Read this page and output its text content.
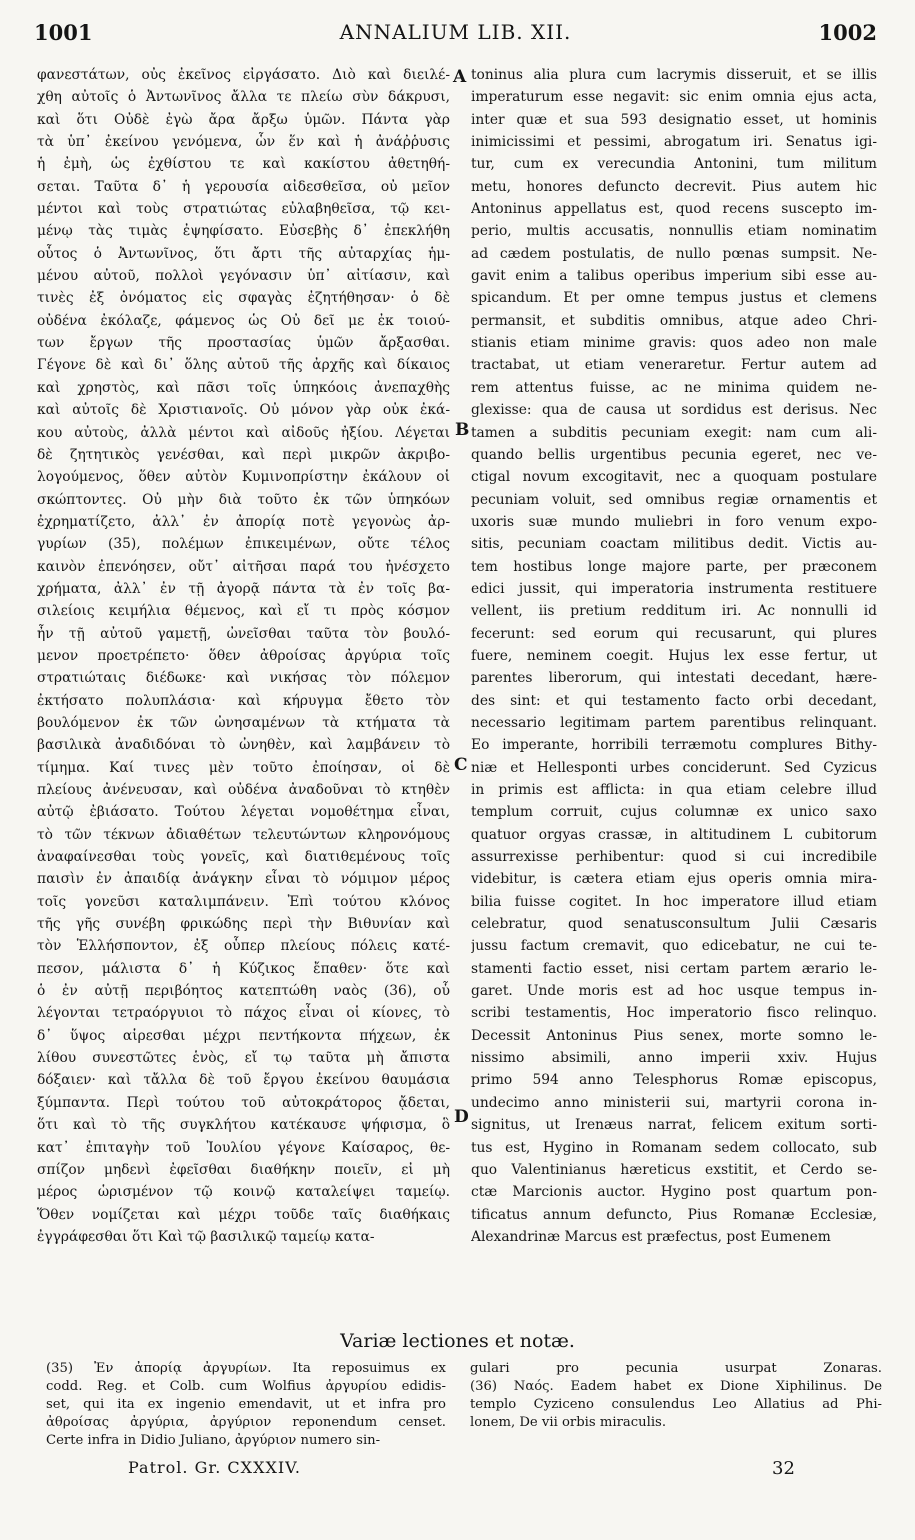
1001	ANNALIUM LIB. XII.	1002
φανεστάτων, οὐς ἐκεῖνος εἰργάσατο. Διὸ καὶ διειλέ-
χθη αὐτοῖς ὁ Ἀντωνῖνος ἄλλα τε πλείω σὺν δάκρυσι,
καὶ ὅτι Οὐδὲ ἐγὼ ἄρα ἄρξω ὑμῶν. Πάντα γὰρ
τὰ ὑπ᾽ ἐκείνου γενόμενα, ὧν ἕν καὶ ἡ ἀνάῤῥυσις
ἡ ἐμὴ, ὡς ἐχθίστου τε καὶ κακίστου ἀθετηθή-
σεται. Ταῦτα δ᾽ ἡ γερουσία αἰδεσθεῖσα, οὐ μεῖον
μέντοι καὶ τοὺς στρατιώτας εὐλαβηθεῖσα, τῷ κει-
μένῳ τὰς τιμὰς ἐψηφίσατο. Εὐσεβὴς δ᾽ ἐπεκλήθη
οὗτος ὁ Ἀντωνῖνος, ὅτι ἄρτι τῆς αὐταρχίας ἡμ-
μένου αὐτοῦ, πολλοὶ γεγόνασιν ὑπ᾽ αἰτίασιν, καὶ
τινὲς ἐξ ὀνόματος εἰς σφαγὰς ἐζητήθησαν· ὁ δὲ
οὐδένα ἐκόλαζε, φάμενος ὡς Οὐ δεῖ με ἐκ τοιού-
των ἔργων τῆς προστασίας ὑμῶν ἄρξασθαι.
Γέγονε δὲ καὶ δι᾽ ὅλης αὐτοῦ τῆς ἀρχῆς καὶ δίκαιος
καὶ χρηστὸς, καὶ πᾶσι τοῖς ὑπηκόοις ἀνεπαχθὴς
καὶ αὐτοῖς δὲ Χριστιανοῖς. Οὐ μόνον γὰρ οὐκ ἐκά-
κου αὐτοὺς, ἀλλὰ μέντοι καὶ αἰδοῦς ἠξίου. Λέγεται
δὲ ζητητικὸς γενέσθαι, καὶ περὶ μικρῶν ἀκριβο-
λογούμενος, ὅθεν αὐτὸν Κυμινοπρίστην ἐκάλουν οἱ
σκώπτοντες. Οὐ μὴν διὰ τοῦτο ἐκ τῶν ὑπηκόων
ἐχρηματίζετο, ἀλλ᾽ ἐν ἀπορίᾳ ποτὲ γεγονὼς ἀρ-
γυρίων (35), πολέμων ἐπικειμένων, οὔτε τέλος
καινὸν ἐπενόησεν, οὔτ᾽ αἰτῆσαι παρά του ἠνέσχετο
χρήματα, ἀλλ᾽ ἐν τῇ ἀγορᾷ πάντα τὰ ἐν τοῖς βα-
σιλείοις κειμήλια θέμενος, καὶ εἴ τι πρὸς κόσμον
ἦν τῇ αὐτοῦ γαμετῇ, ὠνεῖσθαι ταῦτα τὸν βουλό-
μενον προετρέπετο· ὅθεν ἀθροίσας ἀργύρια τοῖς
στρατιώταις διέδωκε· καὶ νικήσας τὸν πόλεμον
ἐκτήσατο πολυπλάσια· καὶ κήρυγμα ἔθετο τὸν
βουλόμενον ἐκ τῶν ὠνησαμένων τὰ κτήματα τὰ
βασιλικὰ ἀναδιδόναι τὸ ὠνηθὲν, καὶ λαμβάνειν τὸ
τίμημα. Καί τινες μὲν τοῦτο ἐποίησαν, οἱ δὲ
πλείους ἀνένευσαν, καὶ οὐδένα ἀναδοῦναι τὸ κτηθὲν
αὐτῷ ἐβιάσατο. Τούτου λέγεται νομοθέτημα εἶναι,
τὸ τῶν τέκνων ἀδιαθέτων τελευτώντων κληρονόμους
ἀναφαίνεσθαι τοὺς γονεῖς, καὶ διατιθεμένους τοῖς
παισὶν ἐν ἀπαιδίᾳ ἀνάγκην εἶναι τὸ νόμιμον μέρος
τοῖς γονεῦσι καταλιμπάνειν. Ἐπὶ τούτου κλόνος
τῆς γῆς συνέβη φρικώδης περὶ τὴν Βιθυνίαν καὶ
τὸν Ἑλλήσποντον, ἐξ οὗπερ πλείους πόλεις κατέ-
πεσον, μάλιστα δ᾽ ἡ Κύζικος ἔπαθεν· ὅτε καὶ
ὁ ἐν αὐτῇ περιβόητος κατεπτώθη ναὸς (36), οὗ
λέγονται τετραόργυιοι τὸ πάχος εἶναι οἱ κίονες, τὸ
δ᾽ ὕψος αἱρεσθαι μέχρι πεντήκοντα πήχεων, ἐκ
λίθου συνεστῶτες ἑνὸς, εἴ τῳ ταῦτα μὴ ἄπιστα
δόξαιεν· καὶ τἄλλα δὲ τοῦ ἔργου ἐκείνου θαυμάσια
ξύμπαντα. Περὶ τούτου τοῦ αὐτοκράτορος ᾄδεται,
ὅτι καὶ τὸ τῆς συγκλήτου κατέκαυσε ψήφισμα, ὃ
κατ᾽ ἐπιταγὴν τοῦ Ἰουλίου γέγονε Καίσαρος, θε-
σπίζον μηδενὶ ἐφεῖσθαι διαθήκην ποιεῖν, εἰ μὴ
μέρος ὡρισμένον τῷ κοινῷ καταλείψει ταμείῳ.
Ὅθεν νομίζεται καὶ μέχρι τοῦδε ταῖς διαθήκαις
ἐγγράφεσθαι ὅτι Καὶ τῷ βασιλικῷ ταμείῳ κατα-
toninus alia plura cum lacrymis disseruit, et se illis
imperaturum esse negavit: sic enim omnia ejus acta,
inter quæ et sua 593 designatio esset, ut hominis
inimicissimi et pessimi, abrogatum iri. Senatus igi-
tur, cum ex verecundia Antonini, tum militum
metu, honores defuncto decrevit. Pius autem hic
Antoninus appellatus est, quod recens suscepto im-
perio, multis accusatis, nonnullis etiam nominatim
ad cædem postulatis, de nullo pœnas sumpsit. Ne-
gavit enim a talibus operibus imperium sibi esse au-
spicandum. Et per omne tempus justus et clemens
permansit, et subditis omnibus, atque adeo Chri-
stianis etiam minime gravis: quos adeo non male
tractabat, ut etiam veneraretur. Fertur autem ad
rem attentus fuisse, ac ne minima quidem ne-
glexisse: qua de causa ut sordidus est derisus. Nec
tamen a subditis pecuniam exegit: nam cum ali-
quando bellis urgentibus pecunia egeret, nec ve-
ctigal novum excogitavit, nec a quoquam postulare
pecuniam voluit, sed omnibus regiæ ornamentis et
uxoris suæ mundo muliebri in foro venum expo-
sitis, pecuniam coactam militibus dedit. Victis au-
tem hostibus longe majore parte, per præconem
edici jussit, qui imperatoria instrumenta restituere
vellent, iis pretium redditum iri. Ac nonnulli id
fecerunt: sed eorum qui recusarunt, qui plures
fuere, neminem coegit. Hujus lex esse fertur, ut
parentes liberorum, qui intestati decedant, hære-
des sint: et qui testamento facto orbi decedant,
necessario legitimam partem parentibus relinquant.
Eo imperante, horribili terræmotu complures Bithy-
niæ et Hellesponti urbes conciderunt. Sed Cyzicus
in primis est afflicta: in qua etiam celebre illud
templum corruit, cujus columnæ ex unico saxo
quatuor orgyas crassæ, in altitudinem L cubitorum
assurrexisse perhibentur: quod si cui incredibile
videbitur, is cætera etiam ejus operis omnia mira-
bilia fuisse cogitet. In hoc imperatore illud etiam
celebratur, quod senatusconsultum Julii Cæsaris
jussu factum cremavit, quo edicebatur, ne cui te-
stamenti factio esset, nisi certam partem ærario le-
garet. Unde moris est ad hoc usque tempus in-
scribi testamentis, Hoc imperatorio fisco relinquo.
Decessit Antoninus Pius senex, morte somno le-
nissimo absimili, anno imperii xxiv. Hujus
primo 594 anno Telesphorus Romæ episcopus,
undecimo anno ministerii sui, martyrii corona in-
signitus, ut Irenæus narrat, felicem exitum sorti-
tus est, Hygino in Romanam sedem collocato, sub
quo Valentinianus hæreticus exstitit, et Cerdo se-
ctæ Marcionis auctor. Hygino post quartum pon-
tificatus annum defuncto, Pius Romanæ Ecclesiæ,
Alexandrinæ Marcus est præfectus, post Eumenem
A
B
C
D
Variæ lectiones et notæ.
(35) Ἐν ἀπορίᾳ ἀργυρίων. Ita reposuimus ex
codd. Reg. et Colb. cum Wolfius ἀργυρίου edidis-
set, qui ita ex ingenio emendavit, ut et infra pro
ἀθροίσας ἀργύρια, ἀργύριον reponendum censet.
Certe infra in Didio Juliano, ἀργύριον numero sin-
gulari pro pecunia usurpat Zonaras.
(36) Ναός. Eadem habet ex Dione Xiphilinus. De
templo Cyziceno consulendus Leo Allatius ad Phi-
lonem, De vii orbis miraculis.
Patrol. Gr. CXXXIV.	32
